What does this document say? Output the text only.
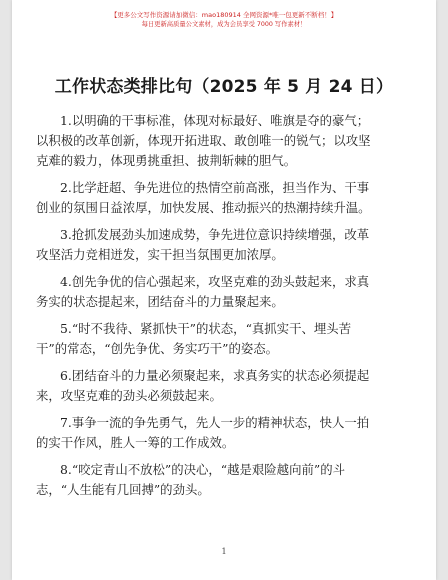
【更多公文写作资源请加微信：mao180914 全网资源*唯一包更新不断档！】
每日更新高质量公文素材，成为会员享受 7000 写作素材！
工作状态类排比句（2025 年 5 月 24 日）
1.以明确的干事标准，体现对标最好、唯旗是夺的豪气；
以积极的改革创新，体现开拓进取、敢创唯一的锐气；以攻坚
克难的毅力，体现勇挑重担、披荆斩棘的胆气。
2.比学赶超、争先进位的热情空前高涨，担当作为、干事
创业的氛围日益浓厚，加快发展、推动振兴的热潮持续升温。
3.抢抓发展劲头加速成势，争先进位意识持续增强，改革
攻坚活力竞相迸发，实干担当氛围更加浓厚。
4.创先争优的信心强起来，攻坚克难的劲头鼓起来，求真
务实的状态提起来，团结奋斗的力量聚起来。
5.“时不我待、紧抓快干”的状态，“真抓实干、埋头苦
干”的常态，“创先争优、务实巧干”的姿态。
6.团结奋斗的力量必须聚起来，求真务实的状态必须提起
来，攻坚克难的劲头必须鼓起来。
7.事争一流的争先勇气，先人一步的精神状态，快人一拍
的实干作风，胜人一筹的工作成效。
8.“咬定青山不放松”的决心，“越是艰险越向前”的斗
志，“人生能有几回搏”的劲头。
1
